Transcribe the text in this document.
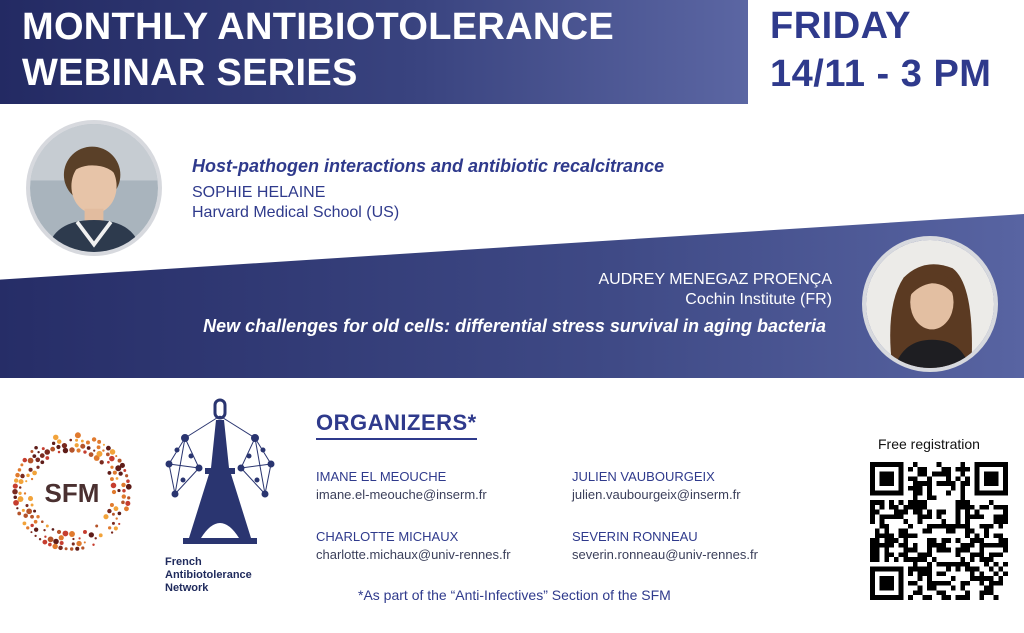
MONTHLY ANTIBIOTOLERANCE
WEBINAR SERIES
FRIDAY
14/11 - 3 PM
Host-pathogen interactions and antibiotic recalcitrance
SOPHIE HELAINE
Harvard Medical School (US)
AUDREY MENEGAZ PROENÇA
Cochin Institute (FR)
New challenges for old cells: differential stress survival in aging bacteria
SFM
French
Antibiotolerance
Network
ORGANIZERS*
IMANE EL MEOUCHE
imane.el-meouche@inserm.fr
JULIEN VAUBOURGEIX
julien.vaubourgeix@inserm.fr
CHARLOTTE MICHAUX
charlotte.michaux@univ-rennes.fr
SEVERIN RONNEAU
severin.ronneau@univ-rennes.fr
*As part of the “Anti-Infectives” Section of the SFM
Free registration
